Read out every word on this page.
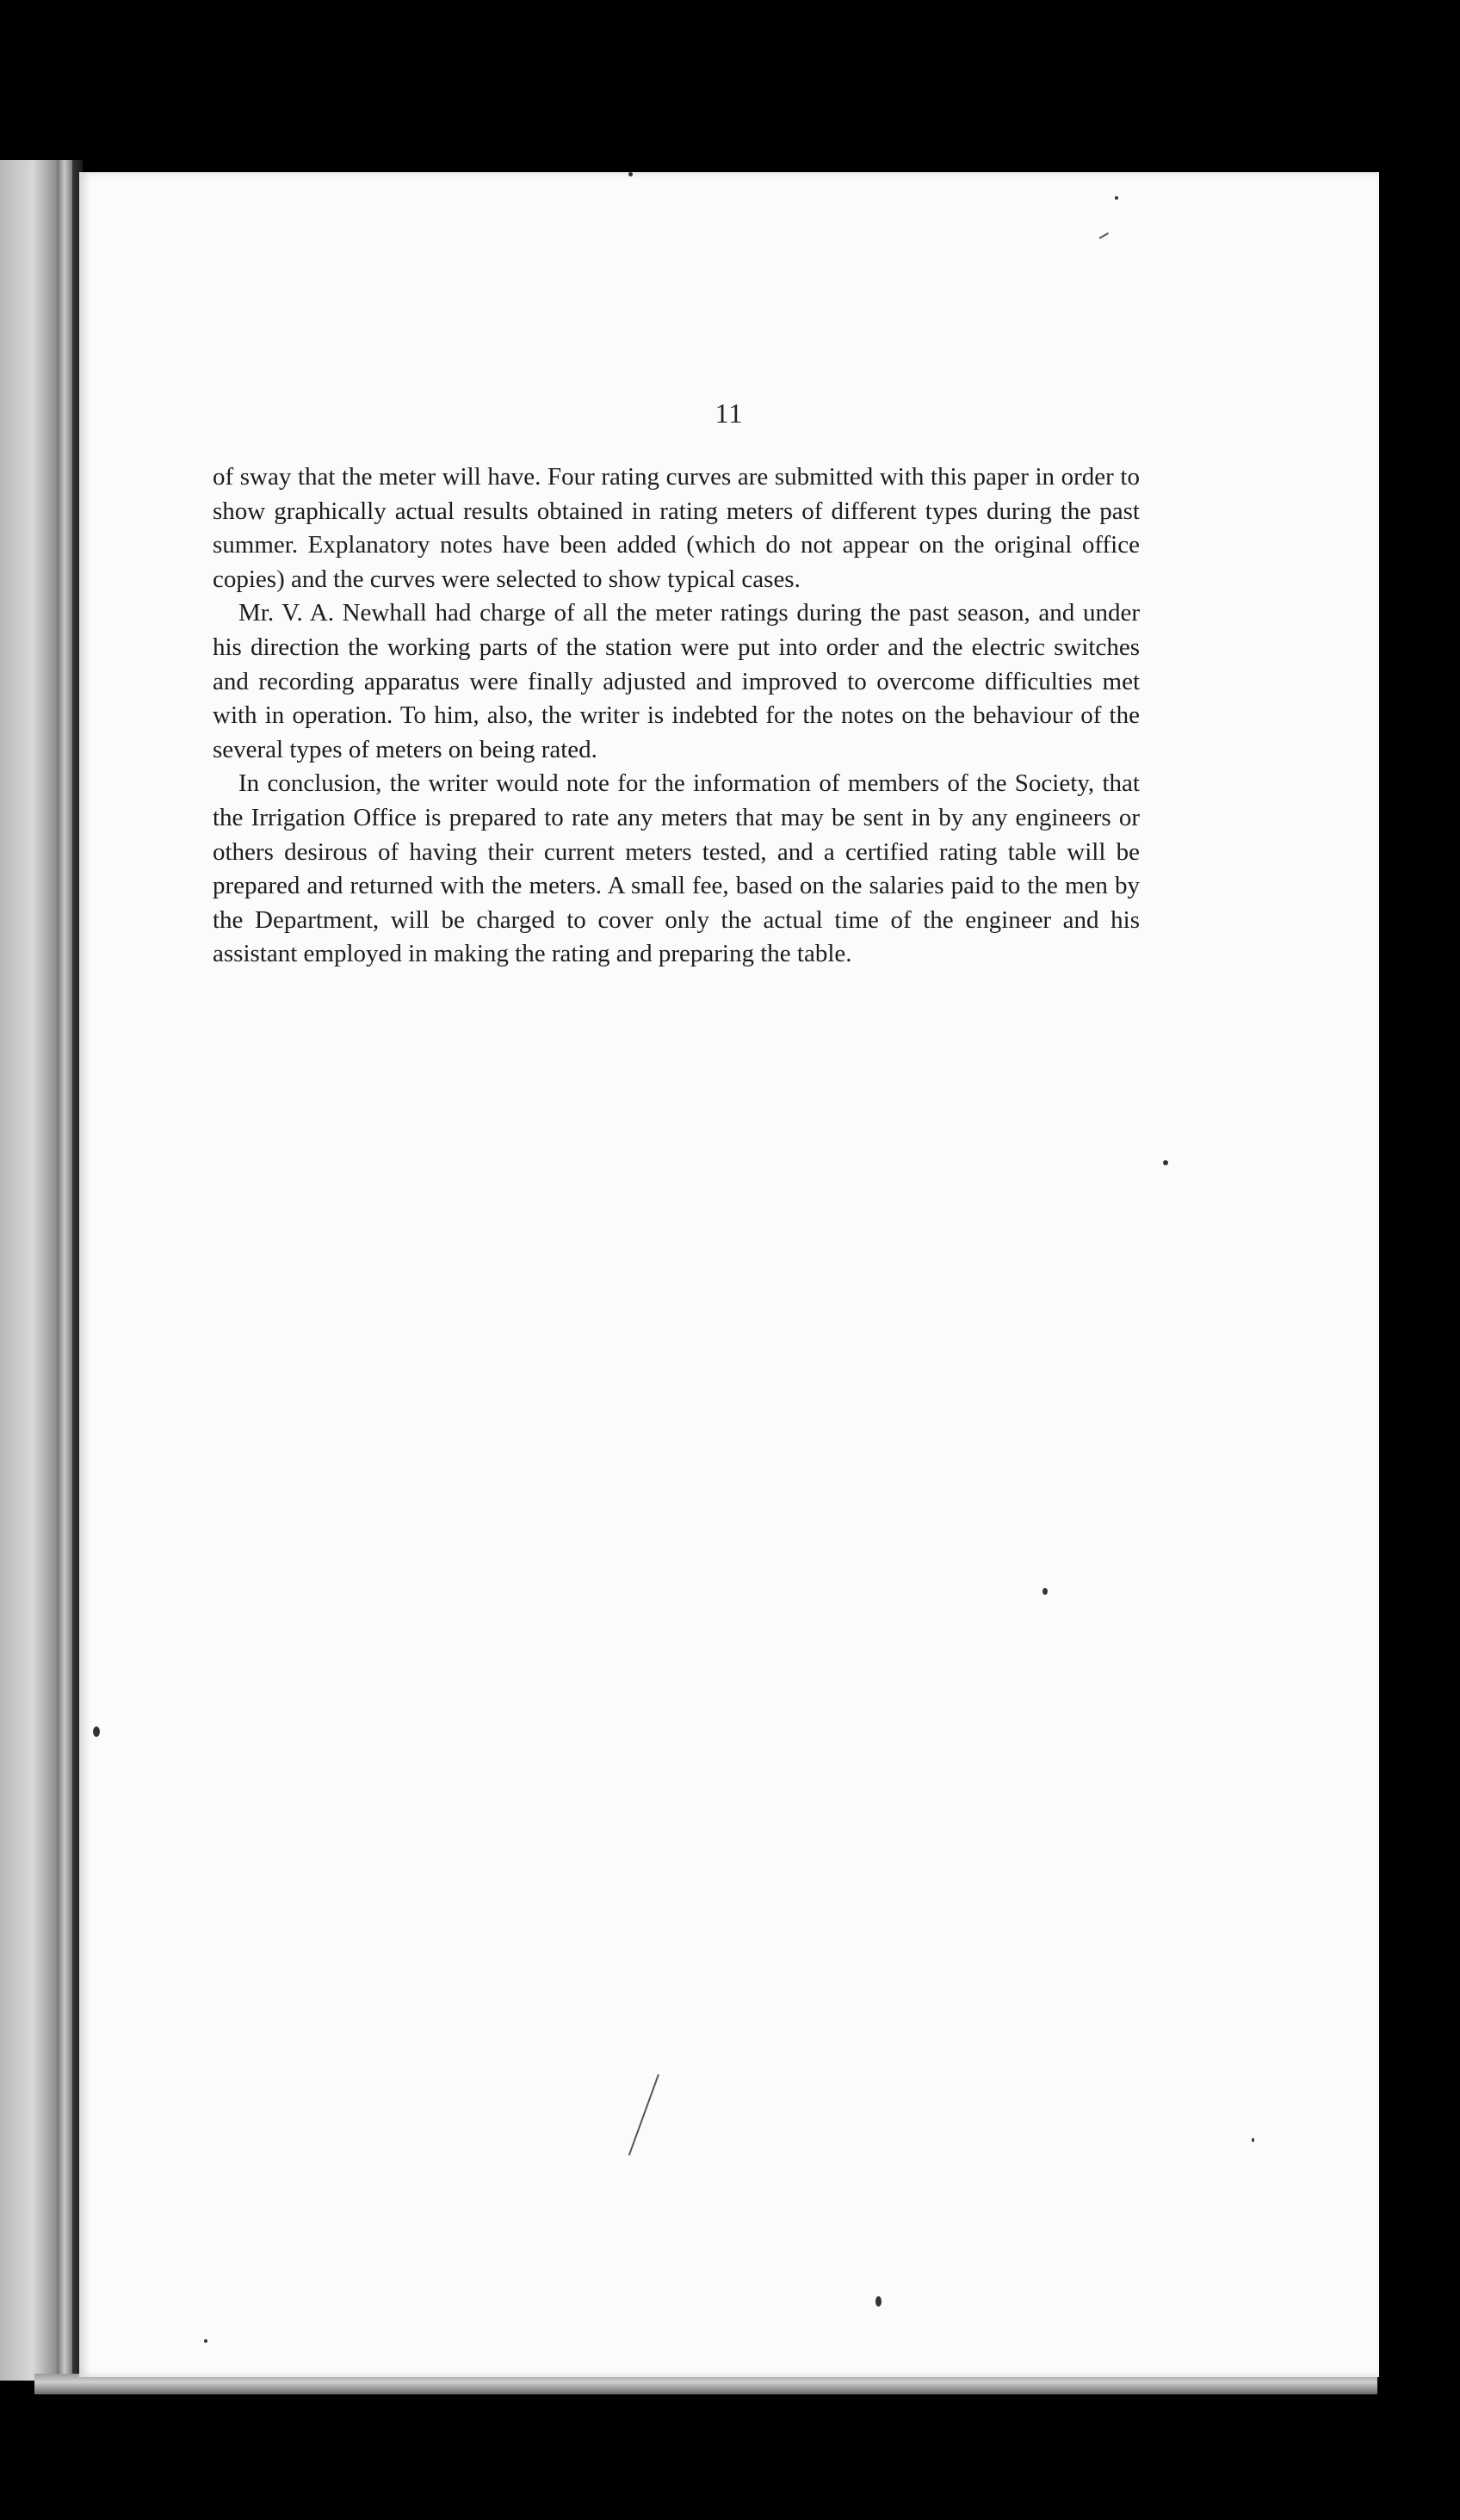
11

of sway that the meter will have. Four rating curves are submitted with this paper in order to show graphically actual results obtained in rating meters of different types during the past summer. Explanatory notes have been added (which do not appear on the original office copies) and the curves were selected to show typical cases.

Mr. V. A. Newhall had charge of all the meter ratings during the past season, and under his direction the working parts of the station were put into order and the electric switches and recording apparatus were finally adjusted and improved to overcome difficulties met with in operation. To him, also, the writer is indebted for the notes on the behaviour of the several types of meters on being rated.

In conclusion, the writer would note for the information of members of the Society, that the Irrigation Office is prepared to rate any meters that may be sent in by any engineers or others desirous of having their current meters tested, and a certified rating table will be prepared and returned with the meters. A small fee, based on the salaries paid to the men by the Department, will be charged to cover only the actual time of the engineer and his assistant employed in making the rating and preparing the table.
